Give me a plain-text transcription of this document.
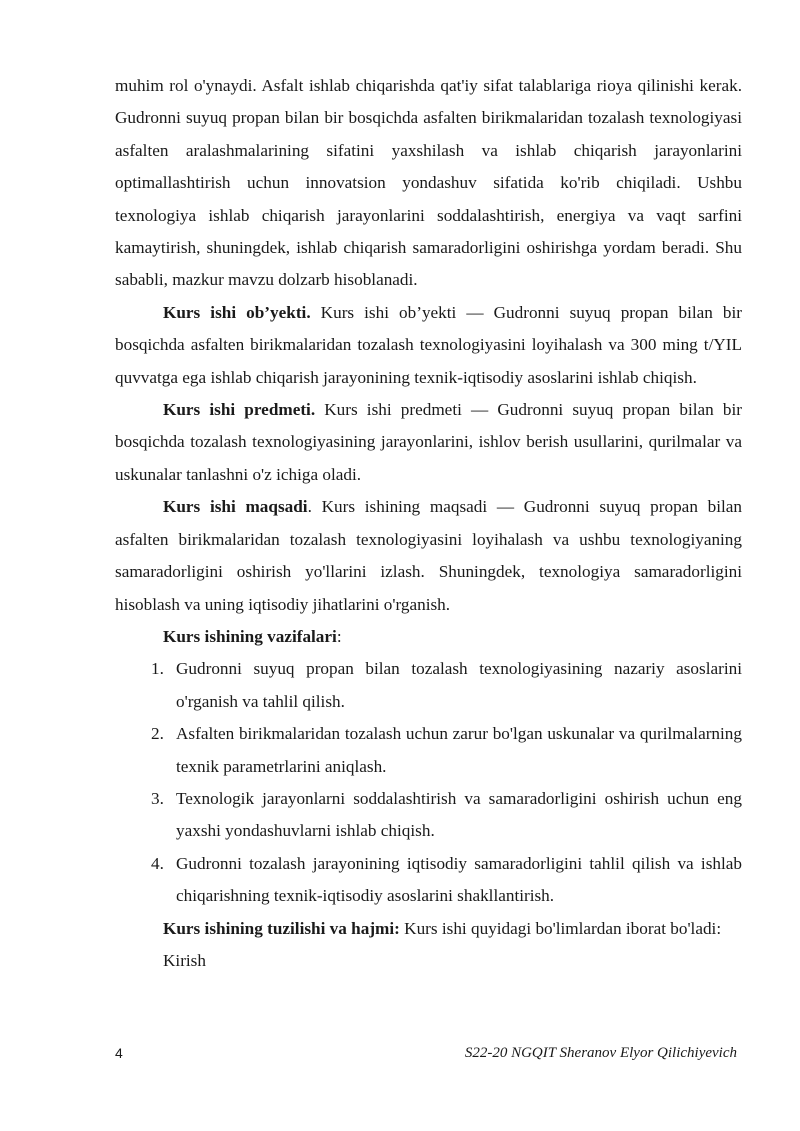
muhim rol o'ynaydi. Asfalt ishlab chiqarishda qat'iy sifat talablariga rioya qilinishi kerak. Gudronni suyuq propan bilan bir bosqichda asfalten birikmalaridan tozalash texnologiyasi asfalten aralashmalarining sifatini yaxshilash va ishlab chiqarish jarayonlarini optimallashtirish uchun innovatsion yondashuv sifatida ko'rib chiqiladi. Ushbu texnologiya ishlab chiqarish jarayonlarini soddalashtirish, energiya va vaqt sarfini kamaytirish, shuningdek, ishlab chiqarish samaradorligini oshirishga yordam beradi. Shu sababli, mazkur mavzu dolzarb hisoblanadi.

Kurs ishi ob’yekti. Kurs ishi ob’yekti — Gudronni suyuq propan bilan bir bosqichda asfalten birikmalaridan tozalash texnologiyasini loyihalash va 300 ming t/YIL quvvatga ega ishlab chiqarish jarayonining texnik-iqtisodiy asoslarini ishlab chiqish.

Kurs ishi predmeti. Kurs ishi predmeti — Gudronni suyuq propan bilan bir bosqichda tozalash texnologiyasining jarayonlarini, ishlov berish usullarini, qurilmalar va uskunalar tanlashni o'z ichiga oladi.

Kurs ishi maqsadi. Kurs ishining maqsadi — Gudronni suyuq propan bilan asfalten birikmalaridan tozalash texnologiyasini loyihalash va ushbu texnologiyaning samaradorligini oshirish yo'llarini izlash. Shuningdek, texnologiya samaradorligini hisoblash va uning iqtisodiy jihatlarini o'rganish.

Kurs ishining vazifalari:

1. Gudronni suyuq propan bilan tozalash texnologiyasining nazariy asoslarini o'rganish va tahlil qilish.
2. Asfalten birikmalaridan tozalash uchun zarur bo'lgan uskunalar va qurilmalarning texnik parametrlarini aniqlash.
3. Texnologik jarayonlarni soddalashtirish va samaradorligini oshirish uchun eng yaxshi yondashuvlarni ishlab chiqish.
4. Gudronni tozalash jarayonining iqtisodiy samaradorligini tahlil qilish va ishlab chiqarishning texnik-iqtisodiy asoslarini shakllantirish.

Kurs ishining tuzilishi va hajmi: Kurs ishi quyidagi bo'limlardan iborat bo'ladi:

Kirish

4	S22-20 NGQIT Sheranov Elyor Qilichiyevich
